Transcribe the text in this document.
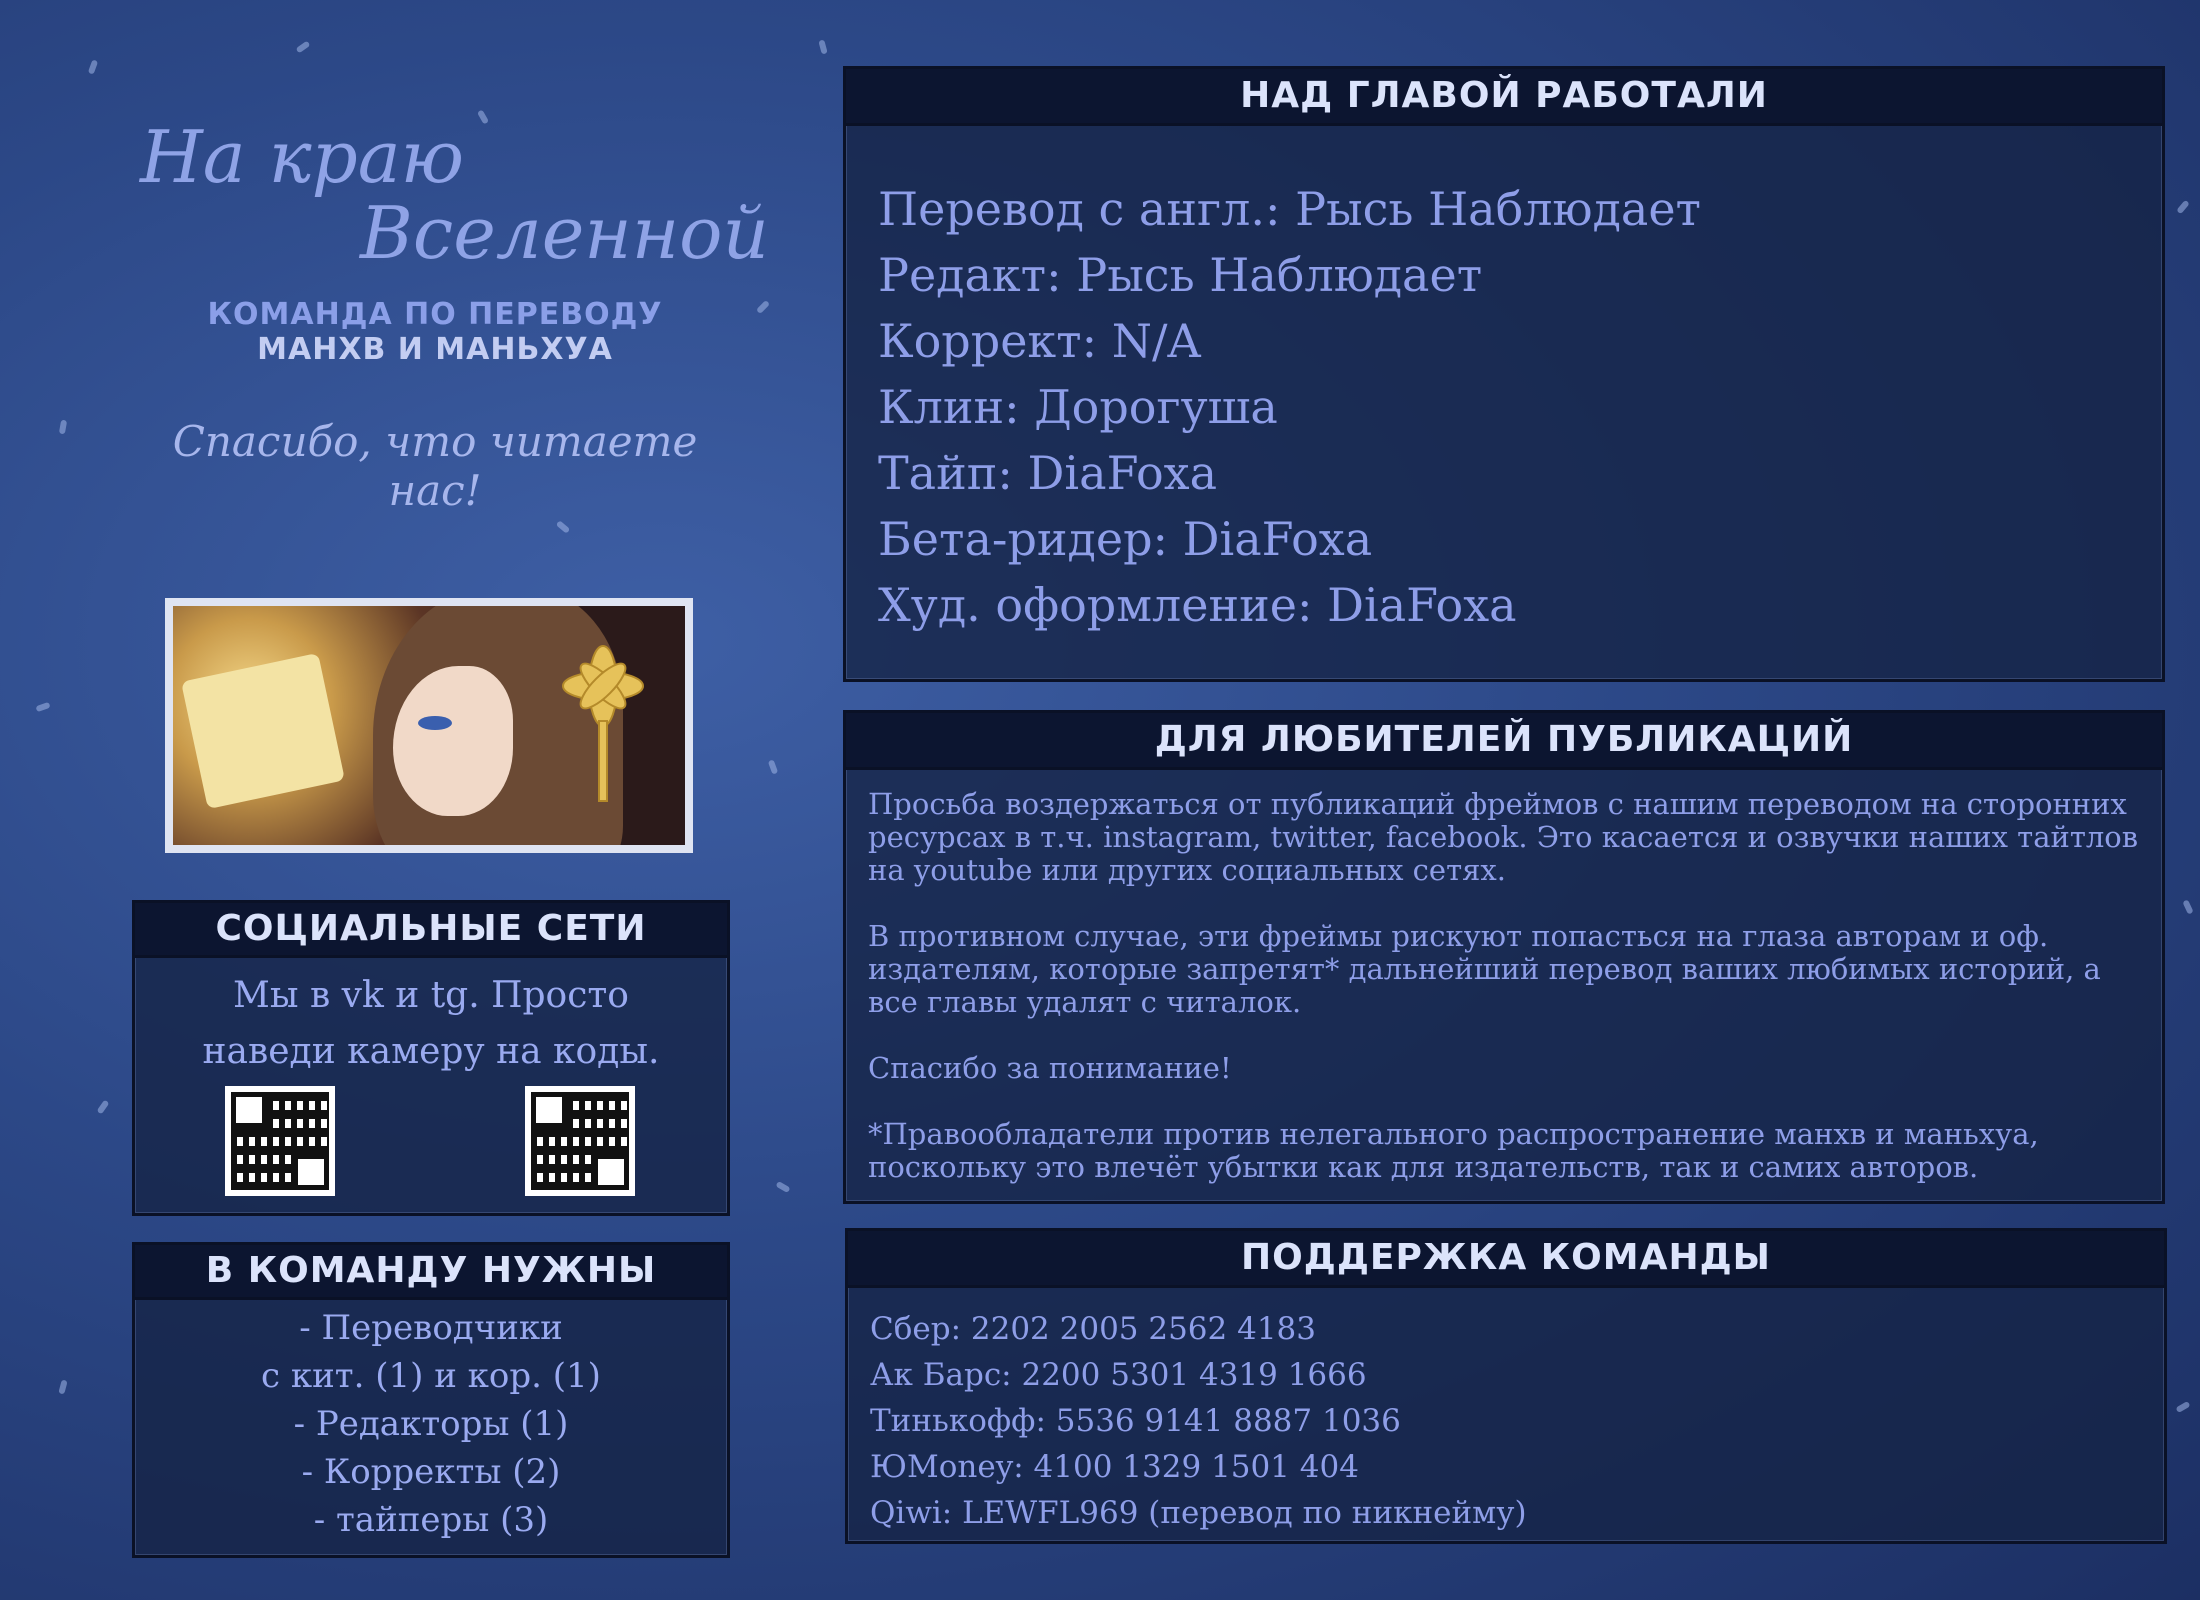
На краю
Вселенной
КОМАНДА ПО ПЕРЕВОДУ
МАНХВ И МАНЬХУА
Спасибо, что читаете нас!
СОЦИАЛЬНЫЕ СЕТИ
Мы в vk и tg. Просто
наведи камеру на коды.
В КОМАНДУ НУЖНЫ
- Переводчики
с кит. (1) и кор. (1)
- Редакторы (1)
- Корректы (2)
- тайперы (3)
НАД ГЛАВОЙ РАБОТАЛИ
Перевод с англ.: Рысь Наблюдает
Редакт: Рысь Наблюдает
Коррект: N/A
Клин: Дорогуша
Тайп: DiaFoxa
Бета-ридер: DiaFoxa
Худ. оформление: DiaFoxa
ДЛЯ ЛЮБИТЕЛЕЙ ПУБЛИКАЦИЙ

Просьба воздержаться от публикаций фреймов с нашим переводом на сторонних ресурсах в т.ч. instagram, twitter, facebook. Это касается и озвучки наших тайтлов на youtube или других социальных сетях.

В противном случае, эти фреймы рискуют попасться на глаза авторам и оф. издателям, которые запретят* дальнейший перевод ваших любимых историй, а все главы удалят с читалок.

Спасибо за понимание!

*Правообладатели против нелегального распространение манхв и маньхуа, поскольку это влечёт убытки как для издательств, так и самих авторов.

ПОДДЕРЖКА КОМАНДЫ
Сбер: 2202 2005 2562 4183
Ак Барс: 2200 5301 4319 1666
Тинькофф: 5536 9141 8887 1036
ЮMoney: 4100 1329 1501 404
Qiwi: LEWFL969 (перевод по никнейму)
